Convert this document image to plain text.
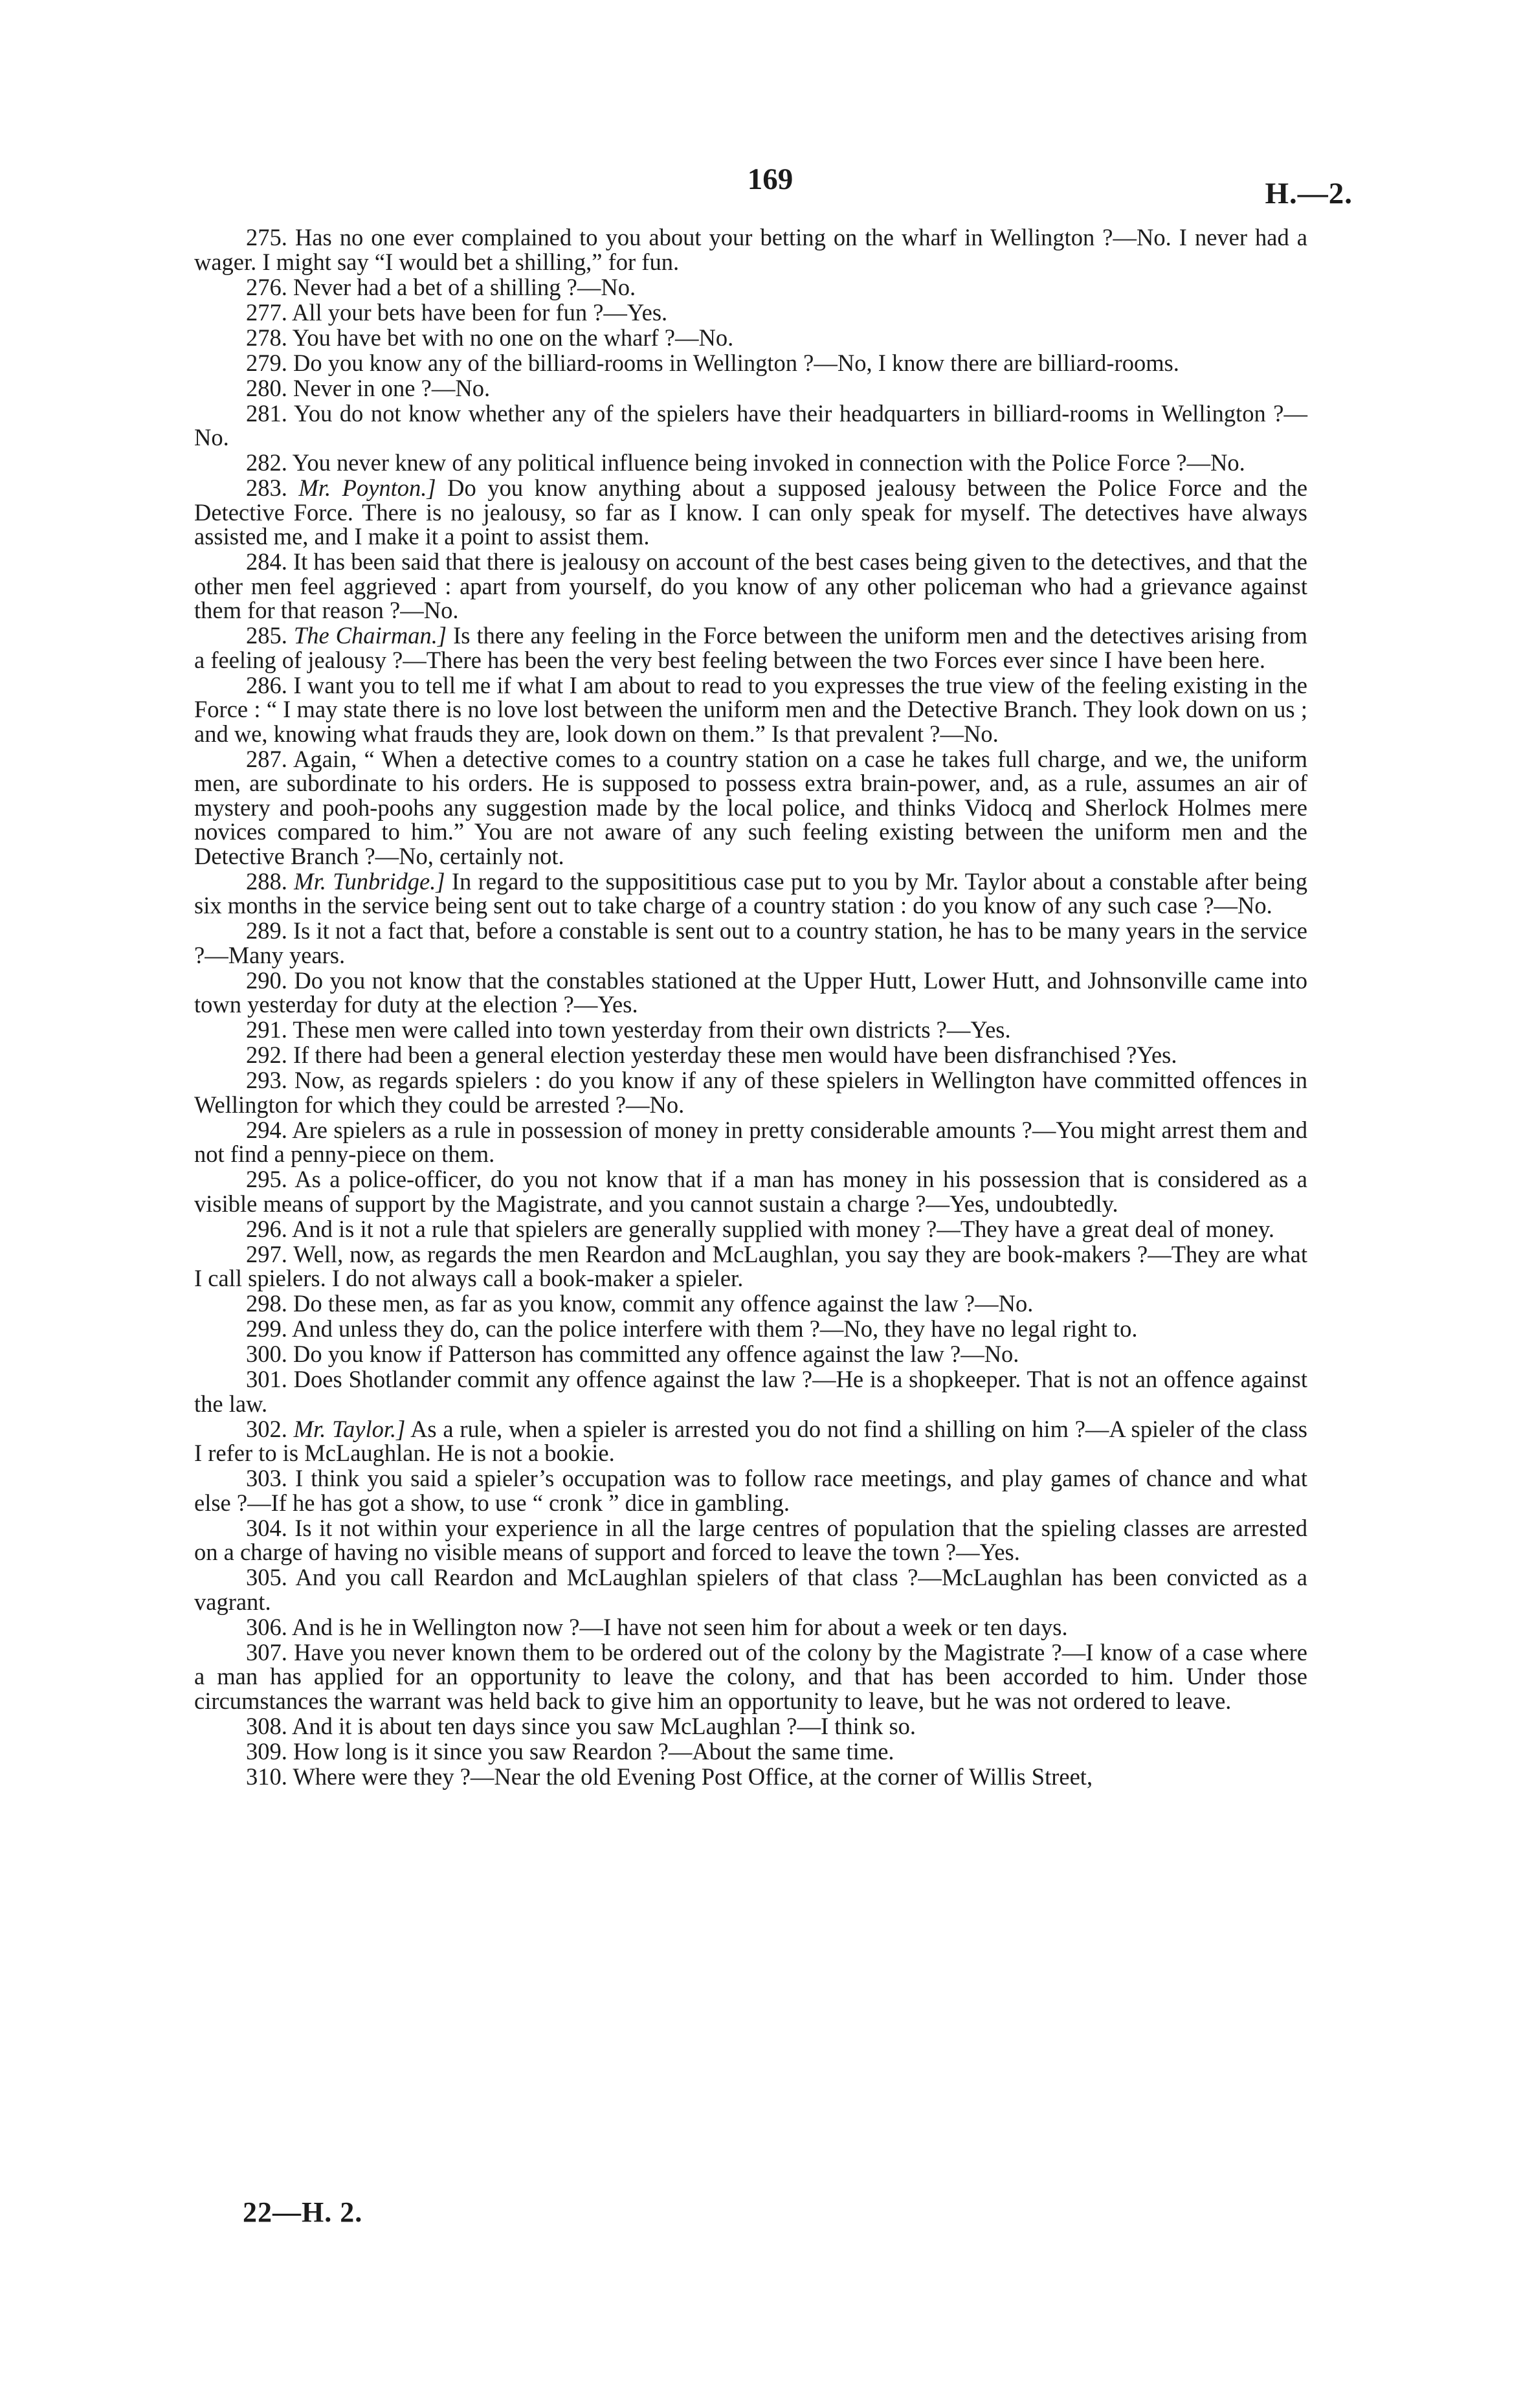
169	H.—2.

275. Has no one ever complained to you about your betting on the wharf in Wellington ?—No. I never had a wager. I might say “I would bet a shilling,” for fun.

276. Never had a bet of a shilling ?—No.

277. All your bets have been for fun ?—Yes.

278. You have bet with no one on the wharf ?—No.

279. Do you know any of the billiard-rooms in Wellington ?—No, I know there are billiard-rooms.

280. Never in one ?—No.

281. You do not know whether any of the spielers have their headquarters in billiard-rooms in Wellington ?—No.

282. You never knew of any political influence being invoked in connection with the Police Force ?—No.

283. Mr. Poynton.] Do you know anything about a supposed jealousy between the Police Force and the Detective Force. There is no jealousy, so far as I know. I can only speak for myself. The detectives have always assisted me, and I make it a point to assist them.

284. It has been said that there is jealousy on account of the best cases being given to the detectives, and that the other men feel aggrieved : apart from yourself, do you know of any other policeman who had a grievance against them for that reason ?—No.

285. The Chairman.] Is there any feeling in the Force between the uniform men and the detectives arising from a feeling of jealousy ?—There has been the very best feeling between the two Forces ever since I have been here.

286. I want you to tell me if what I am about to read to you expresses the true view of the feeling existing in the Force : “ I may state there is no love lost between the uniform men and the Detective Branch. They look down on us ; and we, knowing what frauds they are, look down on them.” Is that prevalent ?—No.

287. Again, “ When a detective comes to a country station on a case he takes full charge, and we, the uniform men, are subordinate to his orders. He is supposed to possess extra brain-power, and, as a rule, assumes an air of mystery and pooh-poohs any suggestion made by the local police, and thinks Vidocq and Sherlock Holmes mere novices compared to him.” You are not aware of any such feeling existing between the uniform men and the Detective Branch ?—No, certainly not.

288. Mr. Tunbridge.] In regard to the supposititious case put to you by Mr. Taylor about a constable after being six months in the service being sent out to take charge of a country station : do you know of any such case ?—No.

289. Is it not a fact that, before a constable is sent out to a country station, he has to be many years in the service ?—Many years.

290. Do you not know that the constables stationed at the Upper Hutt, Lower Hutt, and Johnsonville came into town yesterday for duty at the election ?—Yes.

291. These men were called into town yesterday from their own districts ?—Yes.

292. If there had been a general election yesterday these men would have been disfranchised ?Yes.

293. Now, as regards spielers : do you know if any of these spielers in Wellington have committed offences in Wellington for which they could be arrested ?—No.

294. Are spielers as a rule in possession of money in pretty considerable amounts ?—You might arrest them and not find a penny-piece on them.

295. As a police-officer, do you not know that if a man has money in his possession that is considered as a visible means of support by the Magistrate, and you cannot sustain a charge ?—Yes, undoubtedly.

296. And is it not a rule that spielers are generally supplied with money ?—They have a great deal of money.

297. Well, now, as regards the men Reardon and McLaughlan, you say they are book-makers ?—They are what I call spielers. I do not always call a book-maker a spieler.

298. Do these men, as far as you know, commit any offence against the law ?—No.

299. And unless they do, can the police interfere with them ?—No, they have no legal right to.

300. Do you know if Patterson has committed any offence against the law ?—No.

301. Does Shotlander commit any offence against the law ?—He is a shopkeeper. That is not an offence against the law.

302. Mr. Taylor.] As a rule, when a spieler is arrested you do not find a shilling on him ?—A spieler of the class I refer to is McLaughlan. He is not a bookie.

303. I think you said a spieler’s occupation was to follow race meetings, and play games of chance and what else ?—If he has got a show, to use “ cronk ” dice in gambling.

304. Is it not within your experience in all the large centres of population that the spieling classes are arrested on a charge of having no visible means of support and forced to leave the town ?—Yes.

305. And you call Reardon and McLaughlan spielers of that class ?—McLaughlan has been convicted as a vagrant.

306. And is he in Wellington now ?—I have not seen him for about a week or ten days.

307. Have you never known them to be ordered out of the colony by the Magistrate ?—I know of a case where a man has applied for an opportunity to leave the colony, and that has been accorded to him. Under those circumstances the warrant was held back to give him an opportunity to leave, but he was not ordered to leave.

308. And it is about ten days since you saw McLaughlan ?—I think so.

309. How long is it since you saw Reardon ?—About the same time.

310. Where were they ?—Near the old Evening Post Office, at the corner of Willis Street,

22—H. 2.
